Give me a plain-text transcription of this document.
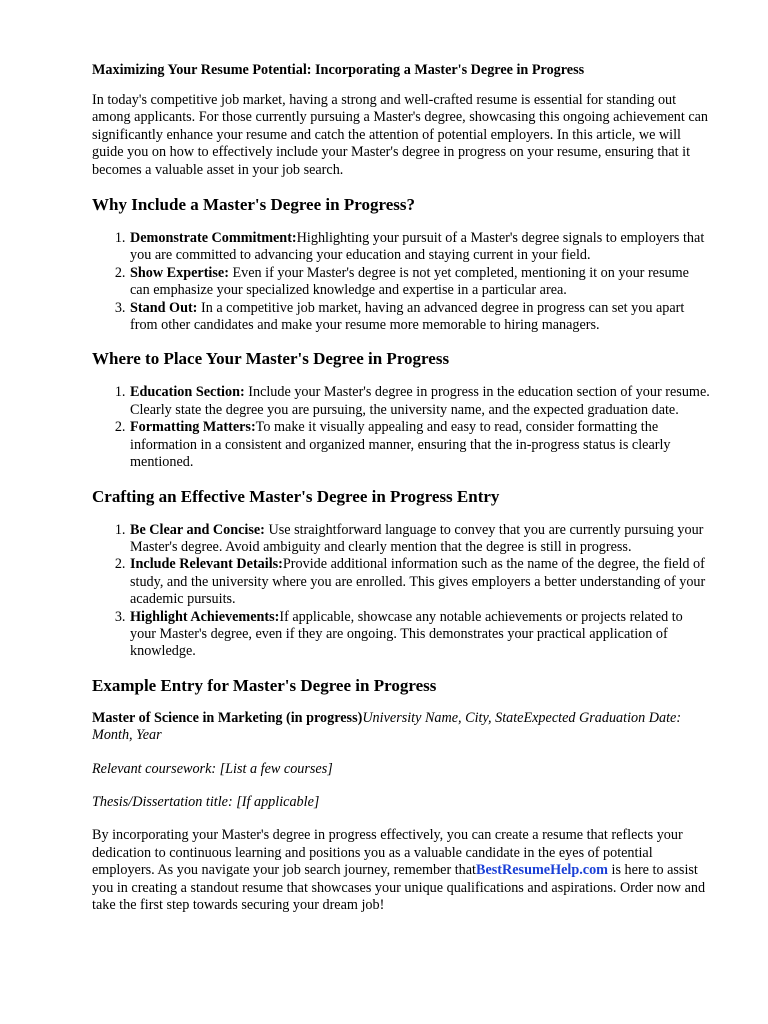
Maximizing Your Resume Potential: Incorporating a Master's Degree in Progress

In today's competitive job market, having a strong and well-crafted resume is essential for standing out among applicants. For those currently pursuing a Master's degree, showcasing this ongoing achievement can significantly enhance your resume and catch the attention of potential employers. In this article, we will guide you on how to effectively include your Master's degree in progress on your resume, ensuring that it becomes a valuable asset in your job search.

Why Include a Master's Degree in Progress?
1. Demonstrate Commitment:Highlighting your pursuit of a Master's degree signals to employers that you are committed to advancing your education and staying current in your field.
2. Show Expertise: Even if your Master's degree is not yet completed, mentioning it on your resume can emphasize your specialized knowledge and expertise in a particular area.
3. Stand Out: In a competitive job market, having an advanced degree in progress can set you apart from other candidates and make your resume more memorable to hiring managers.
Where to Place Your Master's Degree in Progress
1. Education Section: Include your Master's degree in progress in the education section of your resume. Clearly state the degree you are pursuing, the university name, and the expected graduation date.
2. Formatting Matters:To make it visually appealing and easy to read, consider formatting the information in a consistent and organized manner, ensuring that the in-progress status is clearly mentioned.
Crafting an Effective Master's Degree in Progress Entry
1. Be Clear and Concise: Use straightforward language to convey that you are currently pursuing your Master's degree. Avoid ambiguity and clearly mention that the degree is still in progress.
2. Include Relevant Details:Provide additional information such as the name of the degree, the field of study, and the university where you are enrolled. This gives employers a better understanding of your academic pursuits.
3. Highlight Achievements:If applicable, showcase any notable achievements or projects related to your Master's degree, even if they are ongoing. This demonstrates your practical application of knowledge.
Example Entry for Master's Degree in Progress

Master of Science in Marketing (in progress)University Name, City, StateExpected Graduation Date: Month, Year

Relevant coursework: [List a few courses]

Thesis/Dissertation title: [If applicable]

By incorporating your Master's degree in progress effectively, you can create a resume that reflects your dedication to continuous learning and positions you as a valuable candidate in the eyes of potential employers. As you navigate your job search journey, remember thatBestResumeHelp.com is here to assist you in creating a standout resume that showcases your unique qualifications and aspirations. Order now and take the first step towards securing your dream job!
